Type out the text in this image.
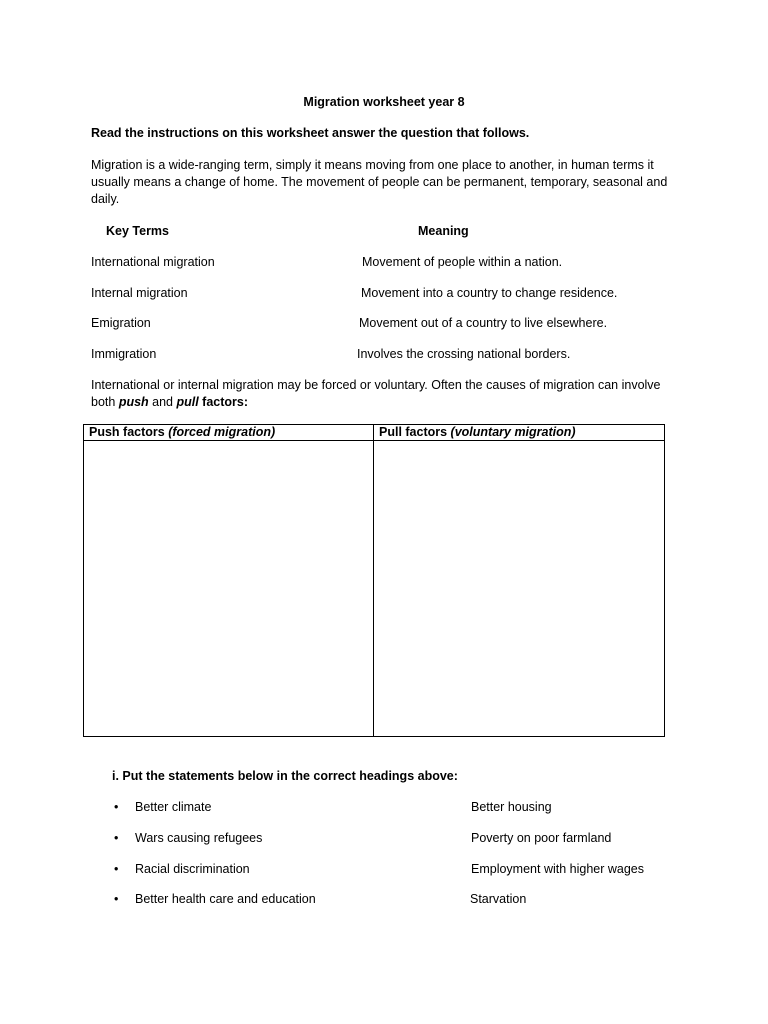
Migration worksheet year 8
Read the instructions on this worksheet answer the question that follows.
Migration is a wide-ranging term, simply it means moving from one place to another, in human terms it usually means a change of home. The movement of people can be permanent, temporary, seasonal and daily.
Key Terms	Meaning
International migration	Movement of people within a nation.
Internal migration	Movement into a country to change residence.
Emigration	Movement out of a country to live elsewhere.
Immigration	Involves the crossing national borders.
International or internal migration may be forced or voluntary. Often the causes of migration can involve both push and pull factors:
Push factors (forced migration)	Pull factors (voluntary migration)

i. Put the statements below in the correct headings above:
• Better climate	Better housing
• Wars causing refugees	Poverty on poor farmland
• Racial discrimination	Employment with higher wages
• Better health care and education	Starvation
